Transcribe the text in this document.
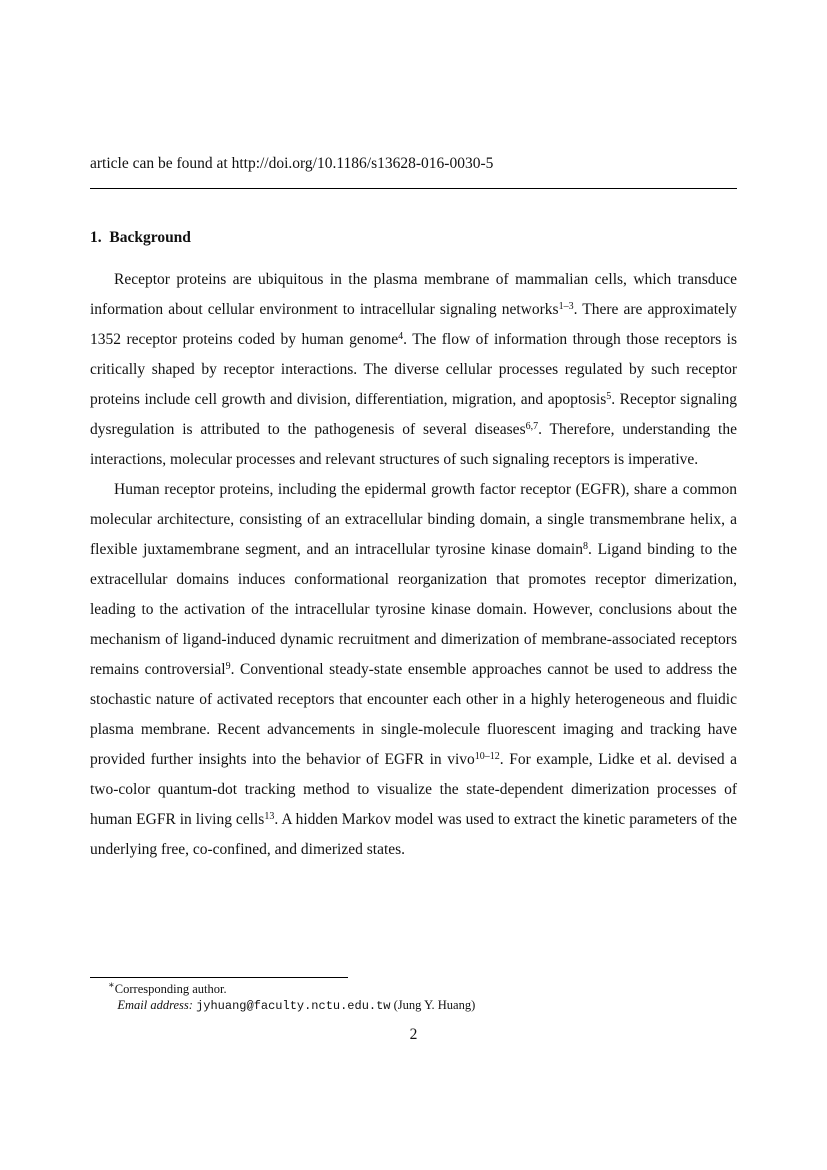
article can be found at http://doi.org/10.1186/s13628-016-0030-5
1. Background

Receptor proteins are ubiquitous in the plasma membrane of mammalian cells, which transduce information about cellular environment to intracellular signaling networks$^{1-3}$. There are approximately 1352 receptor proteins coded by human genome$^4$. The flow of information through those receptors is critically shaped by receptor interactions. The diverse cellular processes regulated by such receptor proteins include cell growth and division, differentiation, migration, and apoptosis$^5$. Receptor signaling dysregulation is attributed to the pathogenesis of several diseases$^{6,7}$. Therefore, understanding the interactions, molecular processes and relevant structures of such signaling receptors is imperative.

Human receptor proteins, including the epidermal growth factor receptor (EGFR), share a common molecular architecture, consisting of an extracellular binding domain, a single transmembrane helix, a flexible juxtamembrane segment, and an intracellular tyrosine kinase domain$^8$. Ligand binding to the extracellular domains induces conformational reorganization that promotes receptor dimerization, leading to the activation of the intracellular tyrosine kinase domain. However, conclusions about the mechanism of ligand-induced dynamic recruitment and dimerization of membrane-associated receptors remains controversial$^9$. Conventional steady-state ensemble approaches cannot be used to address the stochastic nature of activated receptors that encounter each other in a highly heterogeneous and fluidic plasma membrane. Recent advancements in single-molecule fluorescent imaging and tracking have provided further insights into the behavior of EGFR in vivo$^{10-12}$. For example, Lidke et al. devised a two-color quantum-dot tracking method to visualize the state-dependent dimerization processes of human EGFR in living cells$^{13}$. A hidden Markov model was used to extract the kinetic parameters of the underlying free, co-confined, and dimerized states.

∗Corresponding author.
Email address: jyhuang@faculty.nctu.edu.tw (Jung Y. Huang)
2
